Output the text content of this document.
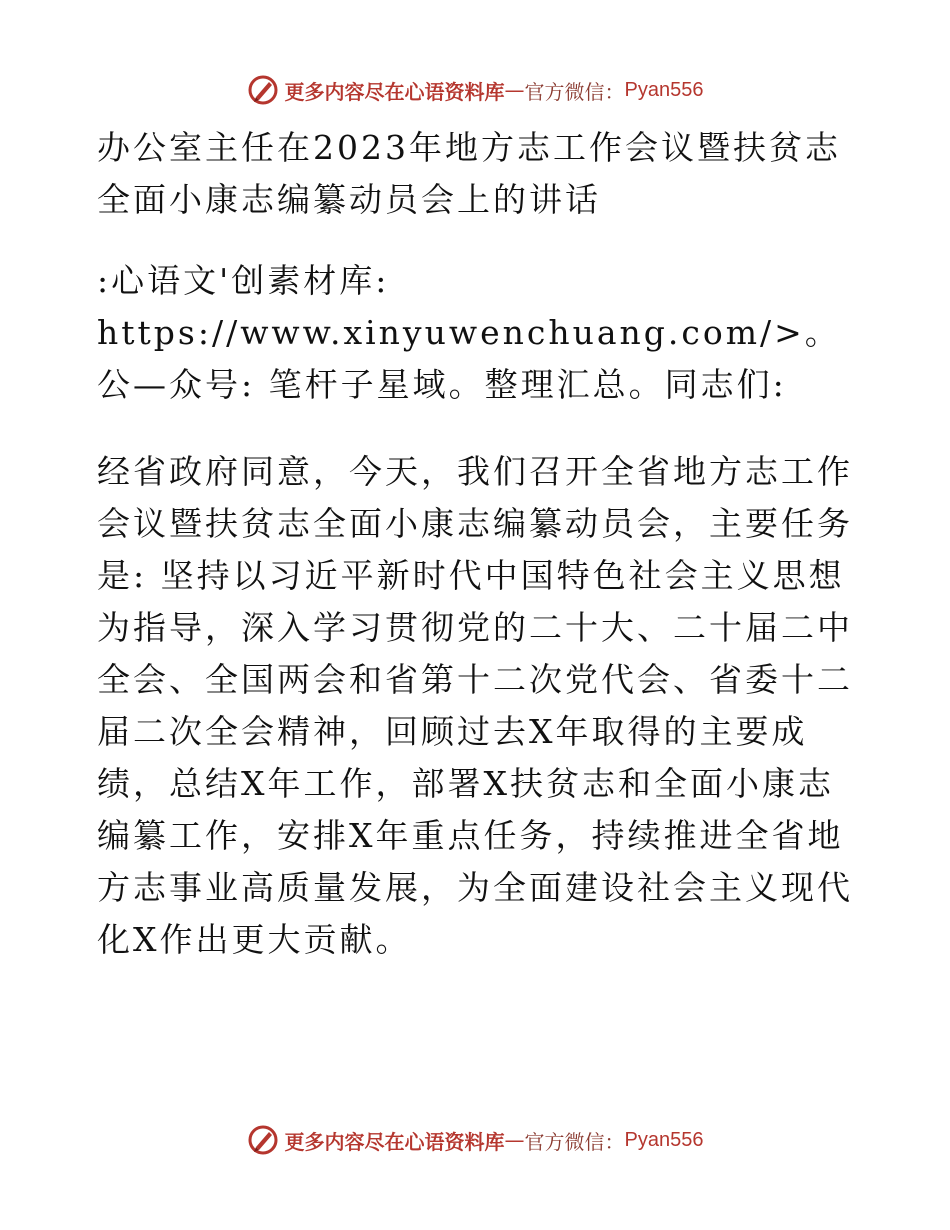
更多内容尽在心语资料库 — 官方微信： Pyan556

办公室主任在2023年地方志工作会议暨扶贫志全面小康志编纂动员会上的讲话

:心语文'创素材库: https://www.xinyuwenchuang.com/>。公—众号: 笔杆子星域。整理汇总。同志们:

经省政府同意，今天，我们召开全省地方志工作会议暨扶贫志全面小康志编纂动员会，主要任务是: 坚持以习近平新时代中国特色社会主义思想为指导，深入学习贯彻党的二十大、二十届二中全会、全国两会和省第十二次党代会、省委十二届二次全会精神，回顾过去X年取得的主要成绩，总结X年工作，部署X扶贫志和全面小康志编纂工作，安排X年重点任务，持续推进全省地方志事业高质量发展，为全面建设社会主义现代化X作出更大贡献。

更多内容尽在心语资料库 — 官方微信： Pyan556
